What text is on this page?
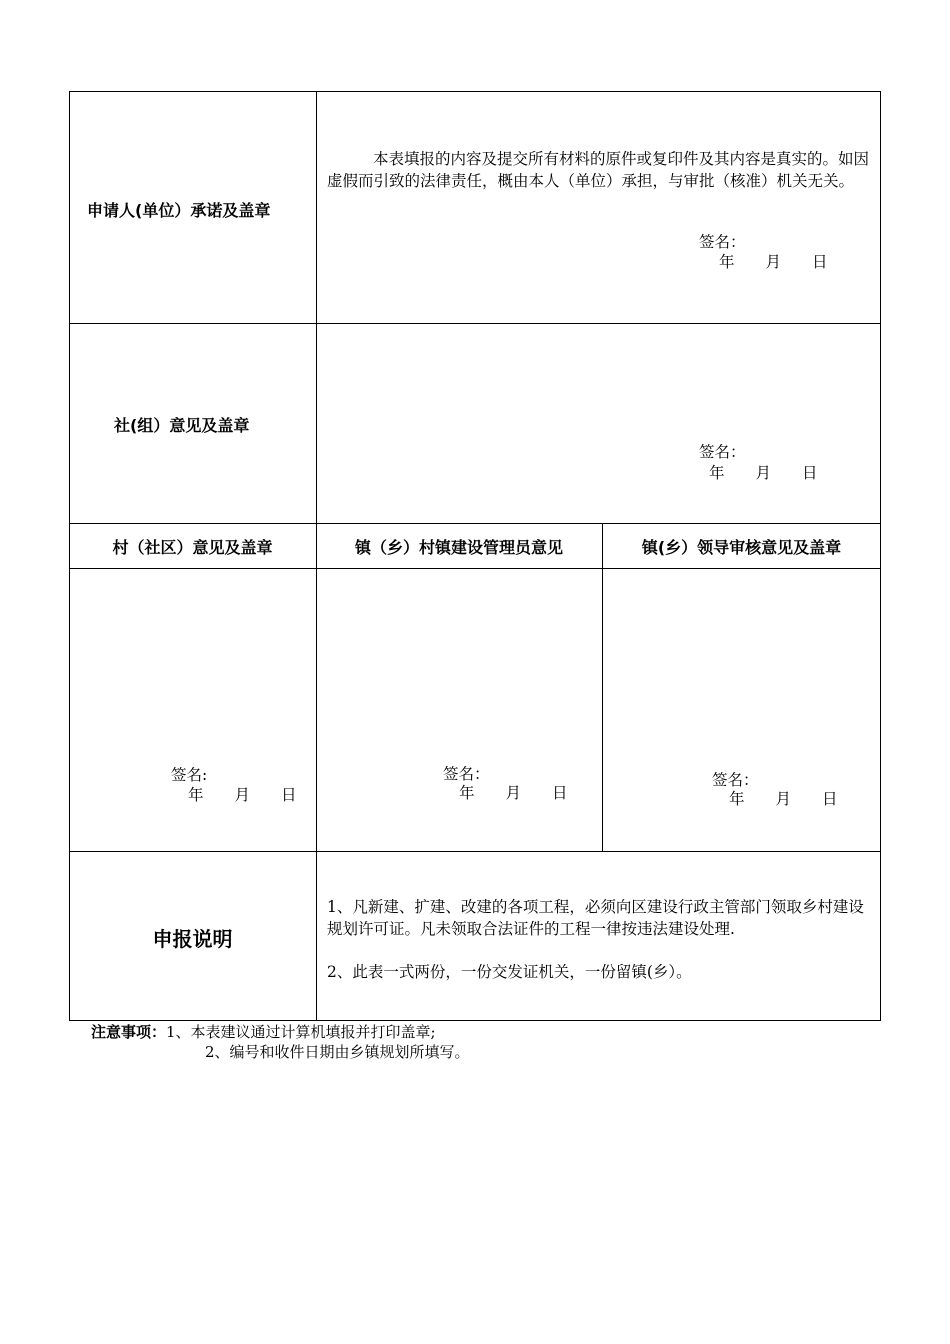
申请人(单位）承诺及盖章

本表填报的内容及提交所有材料的原件或复印件及其内容是真实的。如因虚假而引致的法律责任，概由本人（单位）承担，与审批（核准）机关无关。

签名：
年　　月　　日
社(组）意见及盖章
签名：
年　　月　　日
村（社区）意见及盖章	镇（乡）村镇建设管理员意见	镇(乡）领导审核意见及盖章
签名:
年　　月　　日
签名：
年　　月　　日
签名：
年　　月　　日
申报说明

1、凡新建、扩建、改建的各项工程，必须向区建设行政主管部门领取乡村建设规划许可证。凡未领取合法证件的工程一律按违法建设处理.

2、此表一式两份，一份交发证机关，一份留镇(乡）。

注意事项：1、本表建议通过计算机填报并打印盖章;
2、编号和收件日期由乡镇规划所填写。
